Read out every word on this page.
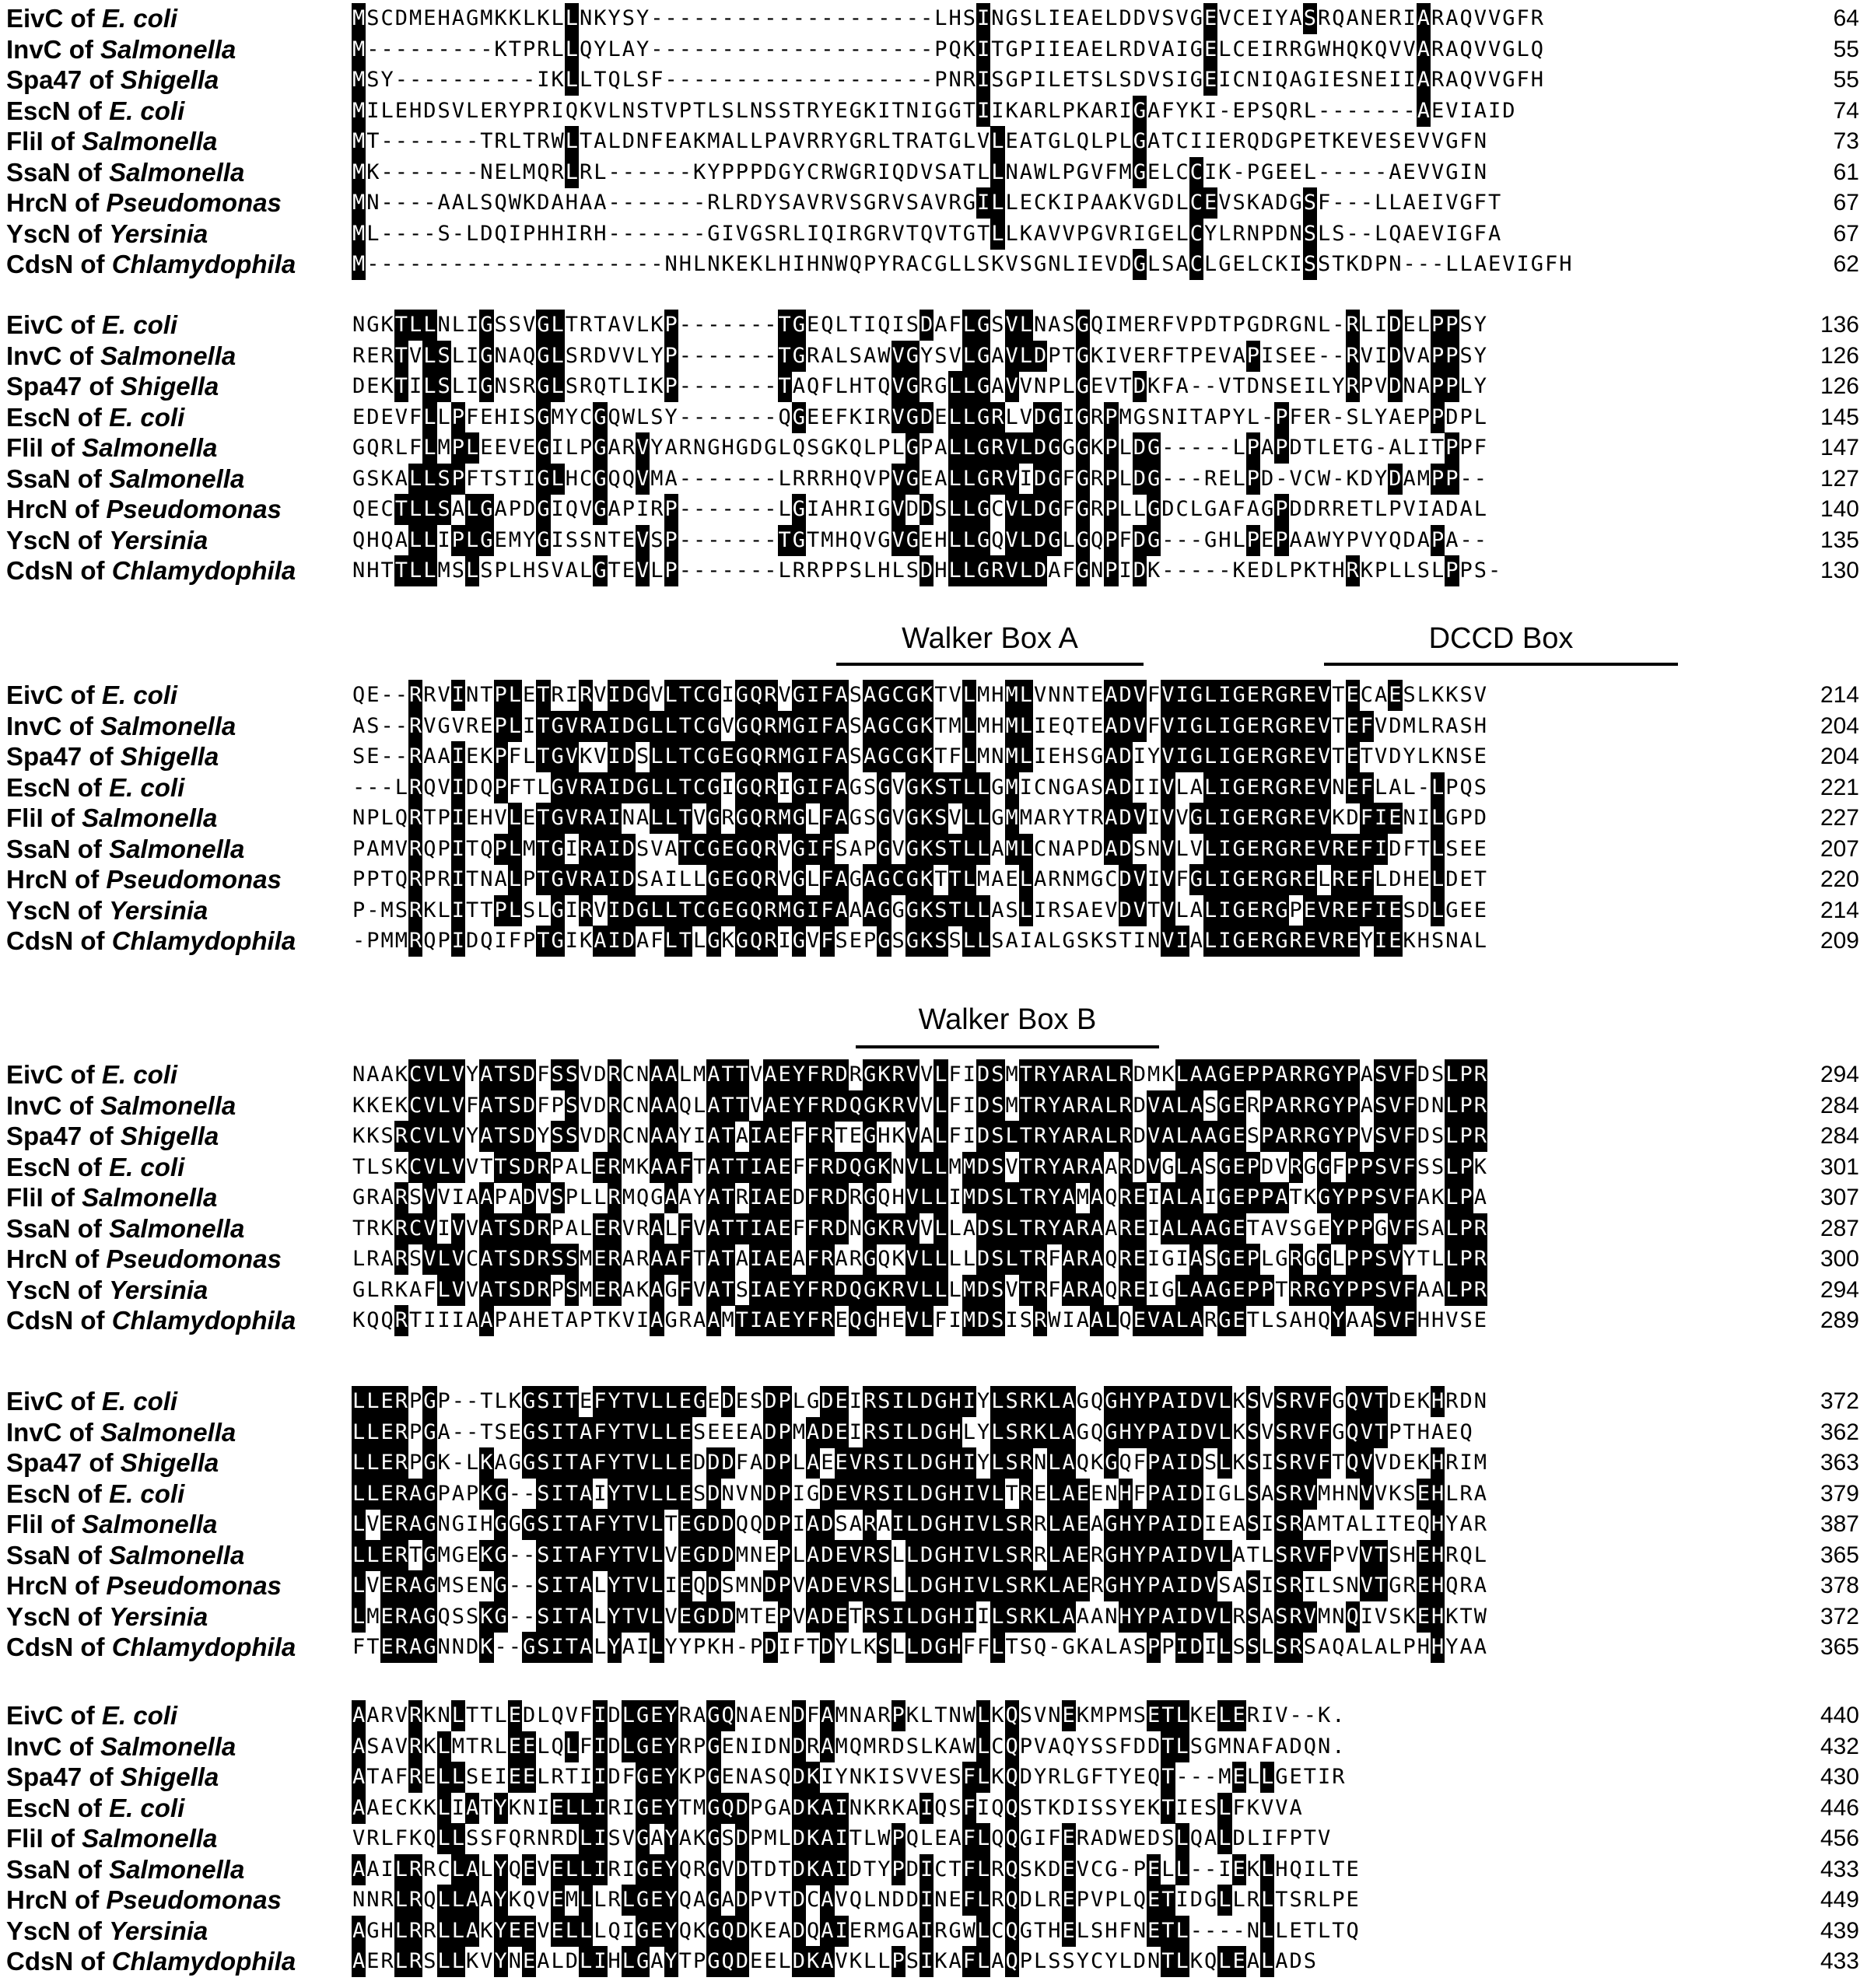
Walker Box A	DCCD Box
Walker Box B
EivC of E. coli	M S C D M E H A G M K K L K L L N K Y S Y - - - - - - - - - - - - - - - - - - - - L H S I N G S L I E A E L D D V S V G E V C E I Y A S R Q A N E R I A R A Q V V G F R	64
InvC of Salmonella	M - - - - - - - - - K T P R L L Q Y L A Y - - - - - - - - - - - - - - - - - - - - P Q K I T G P I I E A E L R D V A I G E L C E I R R G W H Q K Q V V A R A Q V V G L Q	55
Spa47 of Shigella	M S Y - - - - - - - - - - I K L L T Q L S F - - - - - - - - - - - - - - - - - - - P N R I S G P I L E T S L S D V S I G E I C N I Q A G I E S N E I I A R A Q V V G F H	55
EscN of E. coli	M I L E H D S V L E R Y P R I Q K V L N S T V P T L S L N S S T R Y E G K I T N I G G T I I K A R L P K A R I G A F Y K I - E P S Q R L - - - - - - - A E V I A I D	74
FliI of Salmonella	M T - - - - - - - T R L T R W L T A L D N F E A K M A L L P A V R R Y G R L T R A T G L V L E A T G L Q L P L G A T C I I E R Q D G P E T K E V E S E V V G F N	73
SsaN of Salmonella	M K - - - - - - - N E L M Q R L R L - - - - - - K Y P P P D G Y C R W G R I Q D V S A T L L N A W L P G V F M G E L C C I K - P G E E L - - - - - A E V V G I N	61
HrcN of Pseudomonas	M N - - - - A A L S Q W K D A H A A - - - - - - - R L R D Y S A V R V S G R V S A V R G I L L E C K I P A A K V G D L C E V S K A D G S F - - - L L A E I V G F T	67
YscN of Yersinia	M L - - - - S - L D Q I P H H I R H - - - - - - - G I V G S R L I Q I R G R V T Q V T G T L L K A V V P G V R I G E L C Y L R N P D N S L S - - L Q A E V I G F A	67
CdsN of Chlamydophila	M - - - - - - - - - - - - - - - - - - - - - N H L N K E K L H I H N W Q P Y R A C G L L S K V S G N L I E V D G L S A C L G E L C K I S S T K D P N - - - L L A E V I G F H	62
EivC of E. coli	N G K T L L N L I G S S V G L T R T A V L K P - - - - - - - T G E Q L T I Q I S D A F L G S V L N A S G Q I M E R F V P D T P G D R G N L - R L I D E L P P S Y	136
InvC of Salmonella	R E R T V L S L I G N A Q G L S R D V V L Y P - - - - - - - T G R A L S A W V G Y S V L G A V L D P T G K I V E R F T P E V A P I S E E - - R V I D V A P P S Y	126
Spa47 of Shigella	D E K T I L S L I G N S R G L S R Q T L I K P - - - - - - - T A Q F L H T Q V G R G L L G A V V N P L G E V T D K F A - - V T D N S E I L Y R P V D N A P P L Y	126
EscN of E. coli	E D E V F L L P F E H I S G M Y C G Q W L S Y - - - - - - - Q G E E F K I R V G D E L L G R L V D G I G R P M G S N I T A P Y L - P F E R - S L Y A E P P D P L	145
FliI of Salmonella	G Q R L F L M P L E E V E G I L P G A R V Y A R N G H G D G L Q S G K Q L P L G P A L L G R V L D G G G K P L D G - - - - - L P A P D T L E T G - A L I T P P F	147
SsaN of Salmonella	G S K A L L S P F T S T I G L H C G Q Q V M A - - - - - - - L R R R H Q V P V G E A L L G R V I D G F G R P L D G - - - R E L P D - V C W - K D Y D A M P P - -	127
HrcN of Pseudomonas	Q E C T L L S A L G A P D G I Q V G A P I R P - - - - - - - L G I A H R I G V D D S L L G C V L D G F G R P L L G D C L G A F A G P D D R R E T L P V I A D A L	140
YscN of Yersinia	Q H Q A L L I P L G E M Y G I S S N T E V S P - - - - - - - T G T M H Q V G V G E H L L G Q V L D G L G Q P F D G - - - G H L P E P A A W Y P V Y Q D A P A - -	135
CdsN of Chlamydophila	N H T T L L M S L S P L H S V A L G T E V L P - - - - - - - L R R P P S L H L S D H L L G R V L D A F G N P I D K - - - - - K E D L P K T H R K P L L S L P P S -	130
EivC of E. coli	Q E - - R R V I N T P L E T R I R V I D G V L T C G I G Q R V G I F A S A G C G K T V L M H M L V N N T E A D V F V I G L I G E R G R E V T E C A E S L K K S V	214
InvC of Salmonella	A S - - R V G V R E P L I T G V R A I D G L L T C G V G Q R M G I F A S A G C G K T M L M H M L I E Q T E A D V F V I G L I G E R G R E V T E F V D M L R A S H	204
Spa47 of Shigella	S E - - R A A I E K P F L T G V K V I D S L L T C G E G Q R M G I F A S A G C G K T F L M N M L I E H S G A D I Y V I G L I G E R G R E V T E T V D Y L K N S E	204
EscN of E. coli	- - - L R Q V I D Q P F T L G V R A I D G L L T C G I G Q R I G I F A G S G V G K S T L L G M I C N G A S A D I I V L A L I G E R G R E V N E F L A L - L P Q S	221
FliI of Salmonella	N P L Q R T P I E H V L E T G V R A I N A L L T V G R G Q R M G L F A G S G V G K S V L L G M M A R Y T R A D V I V V G L I G E R G R E V K D F I E N I L G P D	227
SsaN of Salmonella	P A M V R Q P I T Q P L M T G I R A I D S V A T C G E G Q R V G I F S A P G V G K S T L L A M L C N A P D A D S N V L V L I G E R G R E V R E F I D F T L S E E	207
HrcN of Pseudomonas	P P T Q R P R I T N A L P T G V R A I D S A I L L G E G Q R V G L F A G A G C G K T T L M A E L A R N M G C D V I V F G L I G E R G R E L R E F L D H E L D E T	220
YscN of Yersinia	P - M S R K L I T T P L S L G I R V I D G L L T C G E G Q R M G I F A A A G G G K S T L L A S L I R S A E V D V T V L A L I G E R G P E V R E F I E S D L G E E	214
CdsN of Chlamydophila	- P M M R Q P I D Q I F P T G I K A I D A F L T L G K G Q R I G V F S E P G S G K S S L L S A I A L G S K S T I N V I A L I G E R G R E V R E Y I E K H S N A L	209
EivC of E. coli	N A A K C V L V Y A T S D F S S V D R C N A A L M A T T V A E Y F R D R G K R V V L F I D S M T R Y A R A L R D M K L A A G E P P A R R G Y P A S V F D S L P R	294
InvC of Salmonella	K K E K C V L V F A T S D F P S V D R C N A A Q L A T T V A E Y F R D Q G K R V V L F I D S M T R Y A R A L R D V A L A S G E R P A R R G Y P A S V F D N L P R	284
Spa47 of Shigella	K K S R C V L V Y A T S D Y S S V D R C N A A Y I A T A I A E F F R T E G H K V A L F I D S L T R Y A R A L R D V A L A A G E S P A R R G Y P V S V F D S L P R	284
EscN of E. coli	T L S K C V L V V T T S D R P A L E R M K A A F T A T T I A E F F R D Q G K N V L L M M D S V T R Y A R A A R D V G L A S G E P D V R G G F P P S V F S S L P K	301
FliI of Salmonella	G R A R S V V I A A P A D V S P L L R M Q G A A Y A T R I A E D F R D R G Q H V L L I M D S L T R Y A M A Q R E I A L A I G E P P A T K G Y P P S V F A K L P A	307
SsaN of Salmonella	T R K R C V I V V A T S D R P A L E R V R A L F V A T T I A E F F R D N G K R V V L L A D S L T R Y A R A A R E I A L A A G E T A V S G E Y P P G V F S A L P R	287
HrcN of Pseudomonas	L R A R S V L V C A T S D R S S M E R A R A A F T A T A I A E A F R A R G Q K V L L L L D S L T R F A R A Q R E I G I A S G E P L G R G G L P P S V Y T L L P R	300
YscN of Yersinia	G L R K A F L V V A T S D R P S M E R A K A G F V A T S I A E Y F R D Q G K R V L L L M D S V T R F A R A Q R E I G L A A G E P P T R R G Y P P S V F A A L P R	294
CdsN of Chlamydophila	K Q Q R T I I I A A P A H E T A P T K V I A G R A A M T I A E Y F R E Q G H E V L F I M D S I S R W I A A L Q E V A L A R G E T L S A H Q Y A A S V F H H V S E	289
EivC of E. coli	L L E R P G P - - T L K G S I T E F Y T V L L E G E D E S D P L G D E I R S I L D G H I Y L S R K L A G Q G H Y P A I D V L K S V S R V F G Q V T D E K H R D N	372
InvC of Salmonella	L L E R P G A - - T S E G S I T A F Y T V L L E S E E E A D P M A D E I R S I L D G H L Y L S R K L A G Q G H Y P A I D V L K S V S R V F G Q V T P T H A E Q	362
Spa47 of Shigella	L L E R P G K - L K A G G S I T A F Y T V L L E D D D F A D P L A E E V R S I L D G H I Y L S R N L A Q K G Q F P A I D S L K S I S R V F T Q V V D E K H R I M	363
EscN of E. coli	L L E R A G P A P K G - - S I T A I Y T V L L E S D N V N D P I G D E V R S I L D G H I V L T R E L A E E N H F P A I D I G L S A S R V M H N V V K S E H L R A	379
FliI of Salmonella	L V E R A G N G I H G G G S I T A F Y T V L T E G D D Q Q D P I A D S A R A I L D G H I V L S R R L A E A G H Y P A I D I E A S I S R A M T A L I T E Q H Y A R	387
SsaN of Salmonella	L L E R T G M G E K G - - S I T A F Y T V L V E G D D M N E P L A D E V R S L L D G H I V L S R R L A E R G H Y P A I D V L A T L S R V F P V V T S H E H R Q L	365
HrcN of Pseudomonas	L V E R A G M S E N G - - S I T A L Y T V L I E Q D S M N D P V A D E V R S L L D G H I V L S R K L A E R G H Y P A I D V S A S I S R I L S N V T G R E H Q R A	378
YscN of Yersinia	L M E R A G Q S S K G - - S I T A L Y T V L V E G D D M T E P V A D E T R S I L D G H I I L S R K L A A A N H Y P A I D V L R S A S R V M N Q I V S K E H K T W	372
CdsN of Chlamydophila	F T E R A G N N D K - - G S I T A L Y A I L Y Y P K H - P D I F T D Y L K S L L D G H F F L T S Q - G K A L A S P P I D I L S S L S R S A Q A L A L P H H Y A A	365
EivC of E. coli	A A R V R K N L T T L E D L Q V F I D L G E Y R A G Q N A E N D F A M N A R P K L T N W L K Q S V N E K M P M S E T L K E L E R I V - - K .	440
InvC of Salmonella	A S A V R K L M T R L E E L Q L F I D L G E Y R P G E N I D N D R A M Q M R D S L K A W L C Q P V A Q Y S S F D D T L S G M N A F A D Q N .	432
Spa47 of Shigella	A T A F R E L L S E I E E L R T I I D F G E Y K P G E N A S Q D K I Y N K I S V V E S F L K Q D Y R L G F T Y E Q T - - - M E L L G E T I R	430
EscN of E. coli	A A E C K K L I A T Y K N I E L L I R I G E Y T M G Q D P G A D K A I N K R K A I Q S F I Q Q S T K D I S S Y E K T I E S L F K V V A	446
FliI of Salmonella	V R L F K Q L L S S F Q R N R D L I S V G A Y A K G S D P M L D K A I T L W P Q L E A F L Q Q G I F E R A D W E D S L Q A L D L I F P T V	456
SsaN of Salmonella	A A I L R R C L A L Y Q E V E L L I R I G E Y Q R G V D T D T D K A I D T Y P D I C T F L R Q S K D E V C G - P E L L - - I E K L H Q I L T E	433
HrcN of Pseudomonas	N N R L R Q L L A A Y K Q V E M L L R L G E Y Q A G A D P V T D C A V Q L N D D I N E F L R Q D L R E P V P L Q E T I D G L L R L T S R L P E	449
YscN of Yersinia	A G H L R R L L A K Y E E V E L L L Q I G E Y Q K G Q D K E A D Q A I E R M G A I R G W L C Q G T H E L S H F N E T L - - - - N L L E T L T Q	439
CdsN of Chlamydophila	A E R L R S L L K V Y N E A L D L I H L G A Y T P G Q D E E L D K A V K L L P S I K A F L A Q P L S S Y C Y L D N T L K Q L E A L A D S	433
